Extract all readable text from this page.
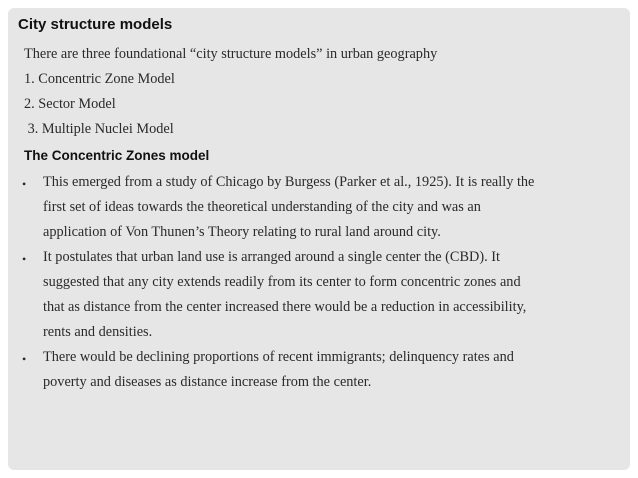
City structure models
There are three foundational “city structure models” in urban geography
1. Concentric Zone Model
2. Sector Model
3. Multiple Nuclei Model
The Concentric Zones model
• This emerged from a study of Chicago by Burgess (Parker et al., 1925). It is really the
first set of ideas towards the theoretical understanding of the city and was an
application of Von Thunen’s Theory relating to rural land around city.
• It postulates that urban land use is arranged around a single center the (CBD). It
suggested that any city extends readily from its center to form concentric zones and
that as distance from the center increased there would be a reduction in accessibility,
rents and densities.
• There would be declining proportions of recent immigrants; delinquency rates and
poverty and diseases as distance increase from the center.
